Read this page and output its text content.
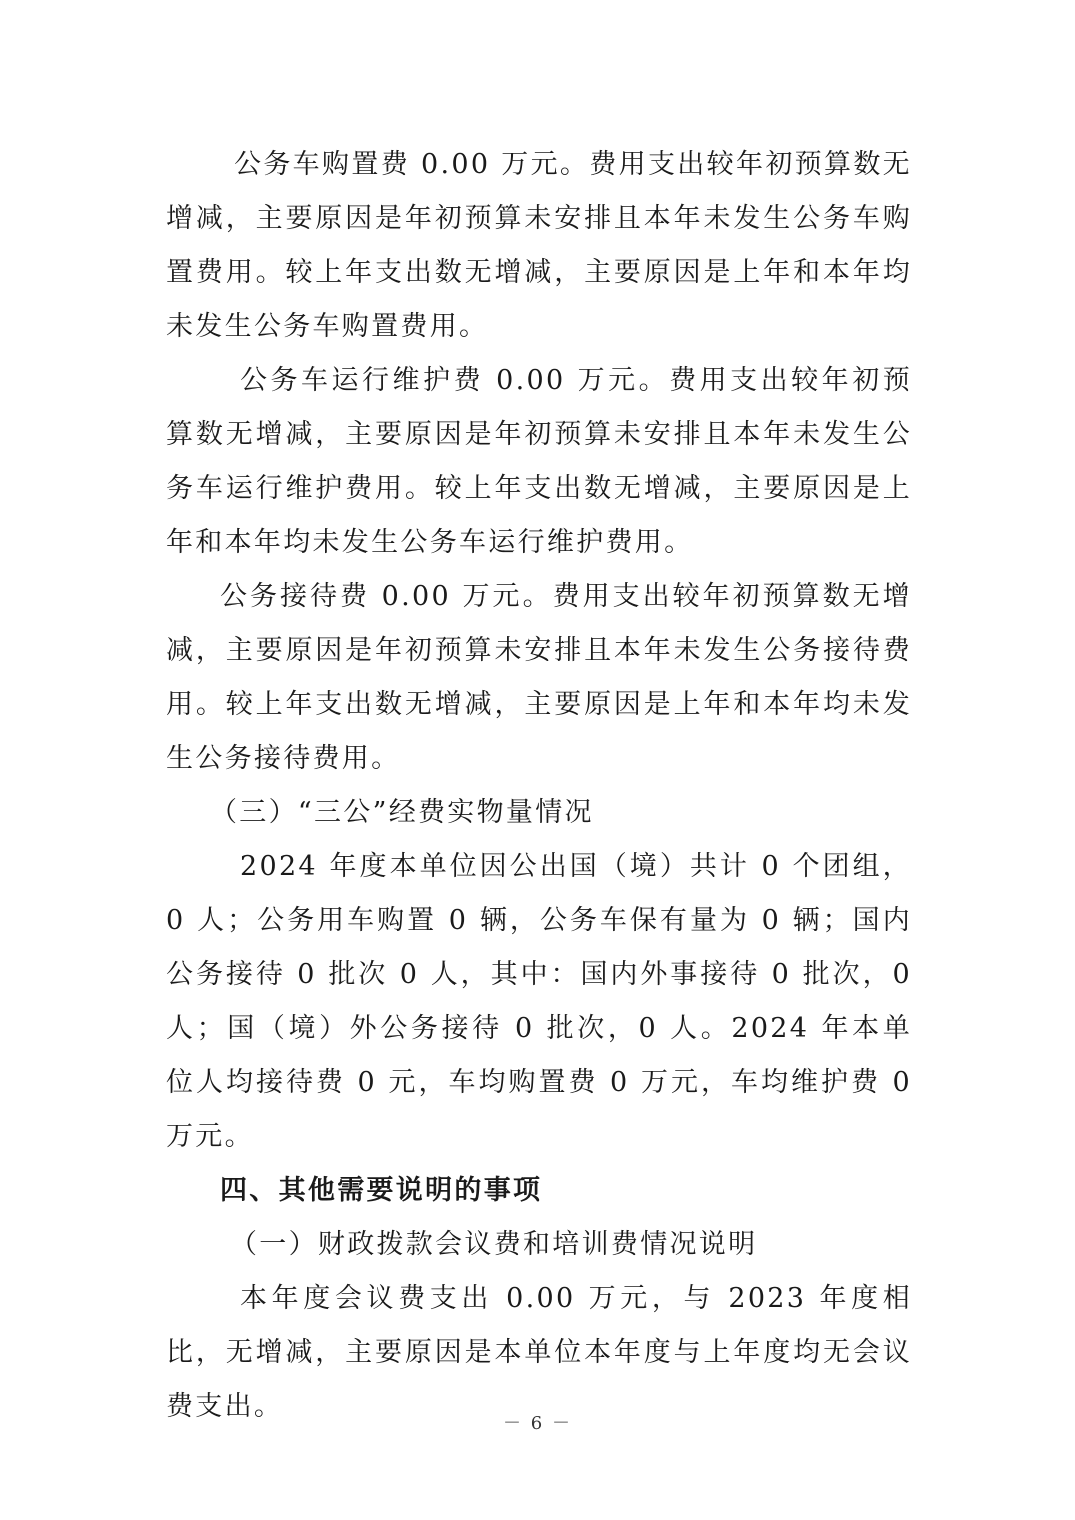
公务车购置费 0.00 万元。费用支出较年初预算数无增减，主要原因是年初预算未安排且本年未发生公务车购置费用。较上年支出数无增减，主要原因是上年和本年均未发生公务车购置费用。

公务车运行维护费 0.00 万元。费用支出较年初预算数无增减，主要原因是年初预算未安排且本年未发生公务车运行维护费用。较上年支出数无增减，主要原因是上年和本年均未发生公务车运行维护费用。

公务接待费 0.00 万元。费用支出较年初预算数无增减，主要原因是年初预算未安排且本年未发生公务接待费用。较上年支出数无增减，主要原因是上年和本年均未发生公务接待费用。

（三）“三公”经费实物量情况

2024 年度本单位因公出国（境）共计 0 个团组，0 人；公务用车购置 0 辆，公务车保有量为 0 辆；国内公务接待 0 批次 0 人，其中：国内外事接待 0 批次，0 人；国（境）外公务接待 0 批次，0 人。2024 年本单位人均接待费 0 元，车均购置费 0 万元，车均维护费 0 万元。

四、其他需要说明的事项

（一）财政拨款会议费和培训费情况说明

本年度会议费支出 0.00 万元，与 2023 年度相比，无增减，主要原因是本单位本年度与上年度均无会议费支出。

－ 6 －
